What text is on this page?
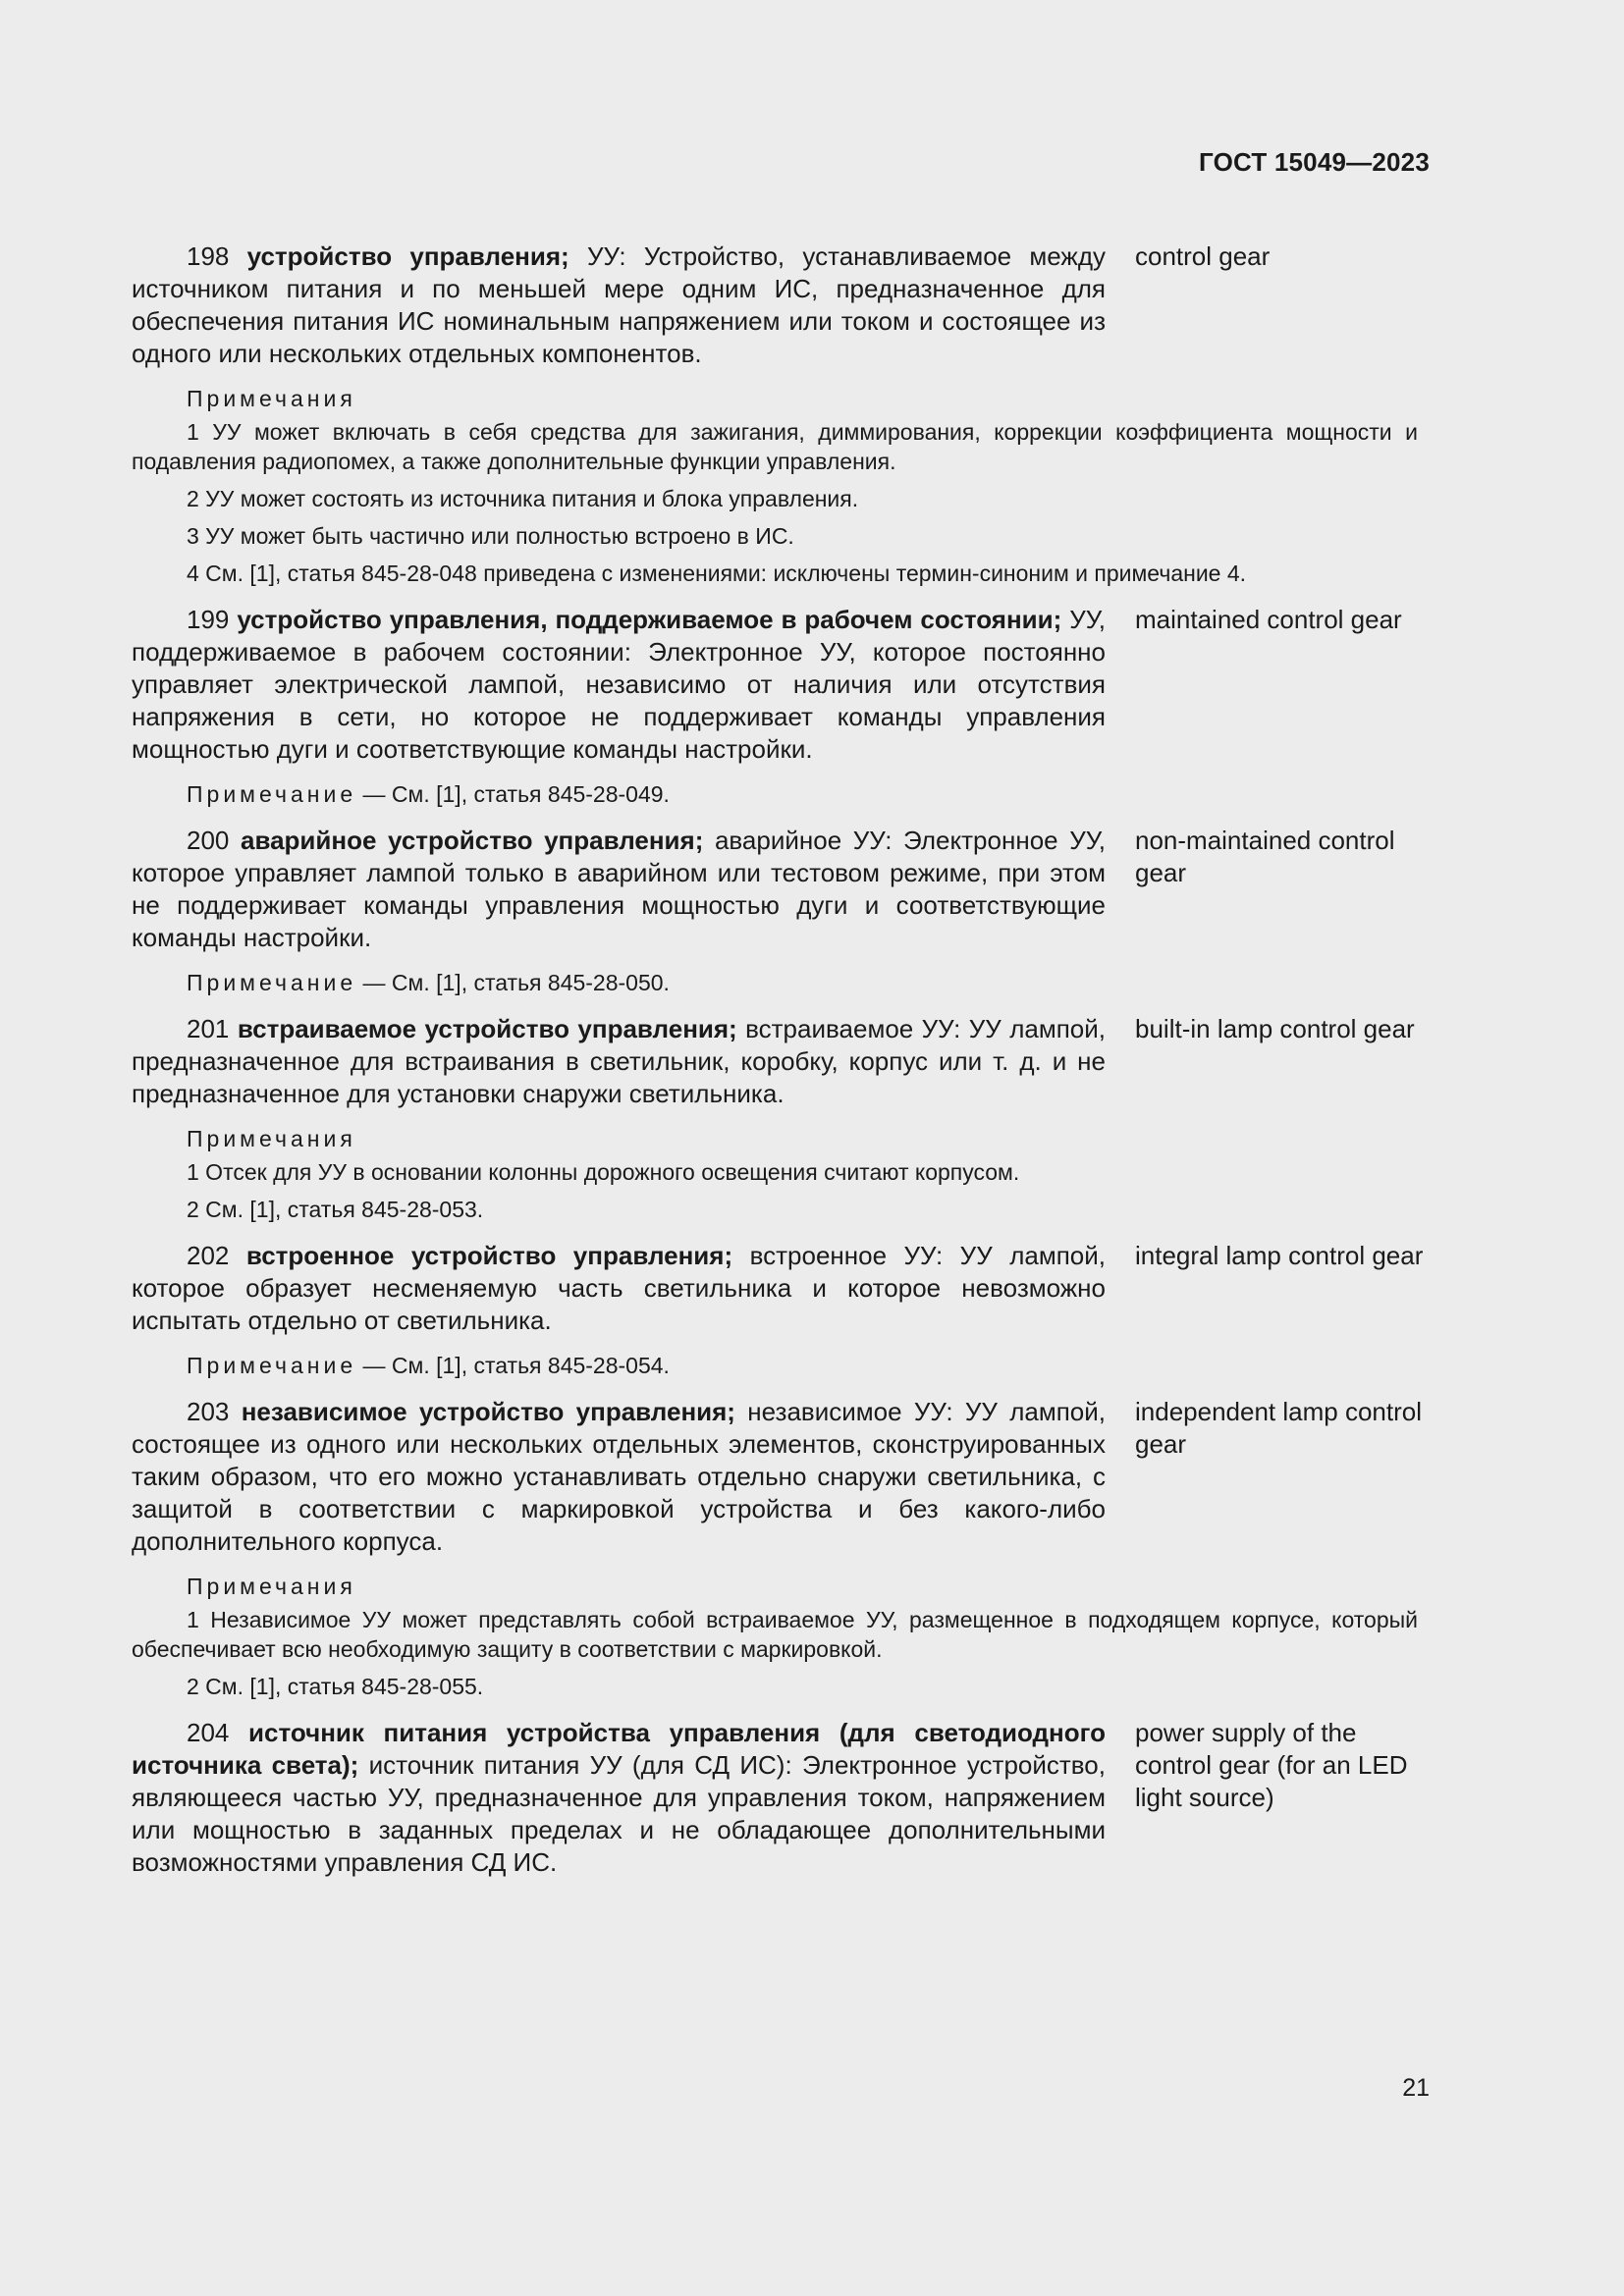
ГОСТ 15049—2023
198 устройство управления; УУ: Устройство, устанавливаемое между источником питания и по меньшей мере одним ИС, предназначенное для обеспечения питания ИС номинальным напряжением или током и состоящее из одного или нескольких отдельных компонентов.
control gear
Примечания
1 УУ может включать в себя средства для зажигания, диммирования, коррекции коэффициента мощности и подавления радиопомех, а также дополнительные функции управления.
2 УУ может состоять из источника питания и блока управления.
3 УУ может быть частично или полностью встроено в ИС.
4 См. [1], статья 845-28-048 приведена с изменениями: исключены термин-синоним и примечание 4.
199 устройство управления, поддерживаемое в рабочем состоянии; УУ, поддерживаемое в рабочем состоянии: Электронное УУ, которое постоянно управляет электрической лампой, независимо от наличия или отсутствия напряжения в сети, но которое не поддерживает команды управления мощностью дуги и соответствующие команды настройки.
maintained control gear
Примечание — См. [1], статья 845-28-049.
200 аварийное устройство управления; аварийное УУ: Электронное УУ, которое управляет лампой только в аварийном или тестовом режиме, при этом не поддерживает команды управления мощностью дуги и соответствующие команды настройки.
non-maintained control gear
Примечание — См. [1], статья 845-28-050.
201 встраиваемое устройство управления; встраиваемое УУ: УУ лампой, предназначенное для встраивания в светильник, коробку, корпус или т. д. и не предназначенное для установки снаружи светильника.
built-in lamp control gear
Примечания
1 Отсек для УУ в основании колонны дорожного освещения считают корпусом.
2 См. [1], статья 845-28-053.
202 встроенное устройство управления; встроенное УУ: УУ лампой, которое образует несменяемую часть светильника и которое невозможно испытать отдельно от светильника.
integral lamp control gear
Примечание — См. [1], статья 845-28-054.
203 независимое устройство управления; независимое УУ: УУ лампой, состоящее из одного или нескольких отдельных элементов, сконструированных таким образом, что его можно устанавливать отдельно снаружи светильника, с защитой в соответствии с маркировкой устройства и без какого-либо дополнительного корпуса.
independent lamp control gear
Примечания
1 Независимое УУ может представлять собой встраиваемое УУ, размещенное в подходящем корпусе, который обеспечивает всю необходимую защиту в соответствии с маркировкой.
2 См. [1], статья 845-28-055.
204 источник питания устройства управления (для светодиодного источника света); источник питания УУ (для СД ИС): Электронное устройство, являющееся частью УУ, предназначенное для управления током, напряжением или мощностью в заданных пределах и не обладающее дополнительными возможностями управления СД ИС.
power supply of the control gear (for an LED light source)
21
